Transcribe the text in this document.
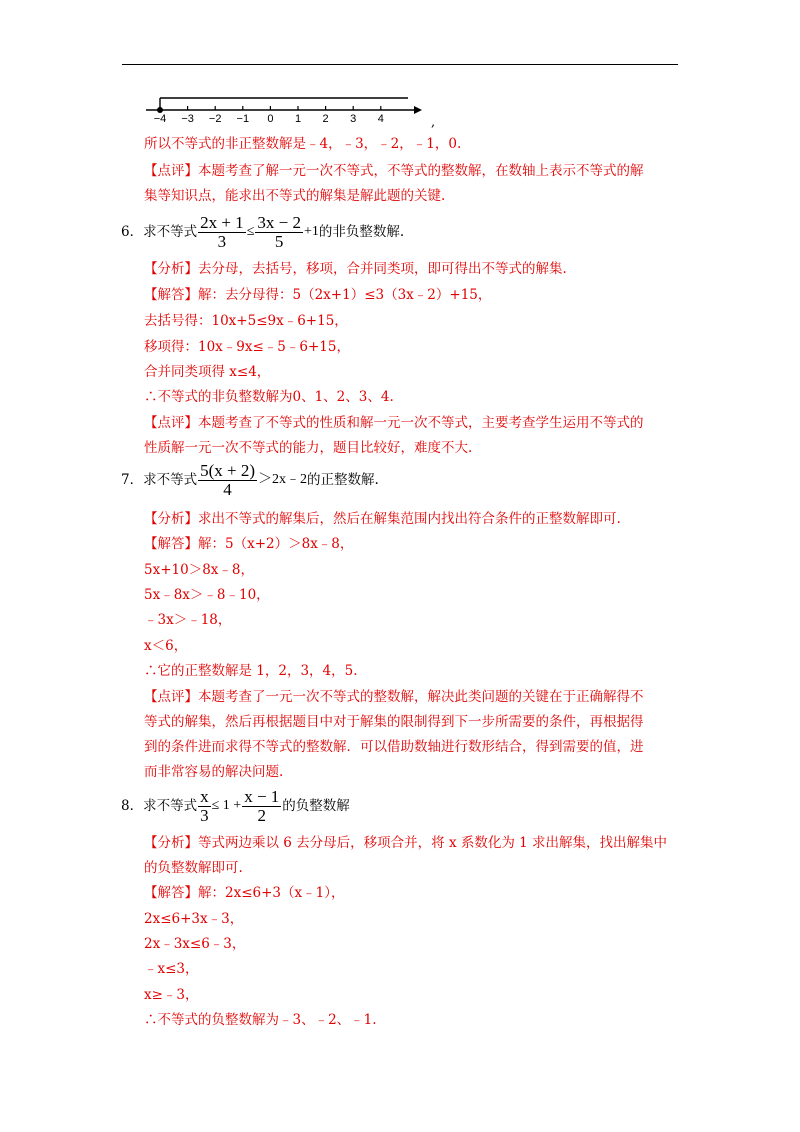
−4 −3 −2 −1 0 1 2 3 4	,
所以不等式的非正整数解是﹣4，﹣3，﹣2，﹣1，0.
【点评】本题考查了解一元一次不等式，不等式的整数解，在数轴上表示不等式的解
集等知识点，能求出不等式的解集是解此题的关键.
6． 求不等式 $\frac{2x + 1}{3} \le \frac{3x - 2}{5} +1$ 的非负整数解.
【分析】去分母，去括号，移项，合并同类项，即可得出不等式的解集.
【解答】解：去分母得：5（2x+1）≤3（3x﹣2）+15，
去括号得：10x+5≤9x﹣6+15，
移项得：10x﹣9x≤﹣5﹣6+15，
合并同类项得 x≤4，
∴不等式的非负整数解为0、1、2、3、4.
【点评】本题考查了不等式的性质和解一元一次不等式，主要考查学生运用不等式的
性质解一元一次不等式的能力，题目比较好，难度不大.
7． 求不等式 $\frac{5(x + 2)}{4}$ ＞2x﹣2 的正整数解.
【分析】求出不等式的解集后，然后在解集范围内找出符合条件的正整数解即可.
【解答】解：5（x+2）＞8x﹣8，
5x+10＞8x﹣8，
5x﹣8x＞﹣8﹣10，
﹣3x＞﹣18，
x＜6，
∴它的正整数解是 1，2，3，4，5.
【点评】本题考查了一元一次不等式的整数解，解决此类问题的关键在于正确解得不
等式的解集，然后再根据题目中对于解集的限制得到下一步所需要的条件，再根据得
到的条件进而求得不等式的整数解．可以借助数轴进行数形结合，得到需要的值，进
而非常容易的解决问题.
8． 求不等式 $\frac{x}{3} \le 1 + \frac{x - 1}{2}$ 的负整数解
【分析】等式两边乘以 6 去分母后，移项合并，将 x 系数化为 1 求出解集，找出解集中
的负整数解即可.
【解答】解：2x≤6+3（x﹣1），
2x≤6+3x﹣3，
2x﹣3x≤6﹣3，
﹣x≤3，
x≥﹣3，
∴不等式的负整数解为﹣3、﹣2、﹣1.
